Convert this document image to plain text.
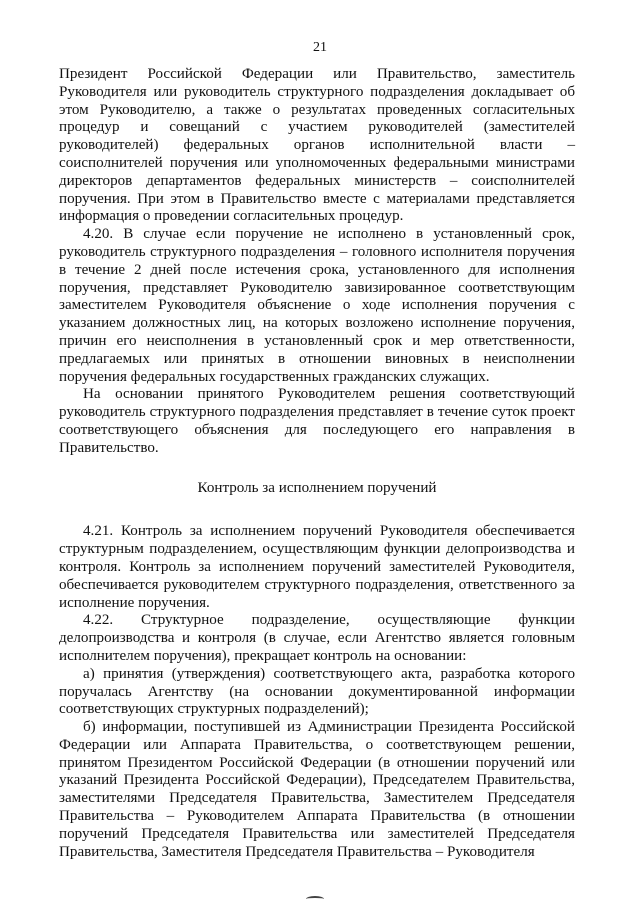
21

Президент Российской Федерации или Правительство, заместитель Руководителя или руководитель структурного подразделения докладывает об этом Руководителю, а также о результатах проведенных согласительных процедур и совещаний с участием руководителей (заместителей руководителей) федеральных органов исполнительной власти – соисполнителей поручения или уполномоченных федеральными министрами директоров департаментов федеральных министерств – соисполнителей поручения. При этом в Правительство вместе с материалами представляется информация о проведении согласительных процедур.

4.20. В случае если поручение не исполнено в установленный срок, руководитель структурного подразделения – головного исполнителя поручения в течение 2 дней после истечения срока, установленного для исполнения поручения, представляет Руководителю завизированное соответствующим заместителем Руководителя объяснение о ходе исполнения поручения с указанием должностных лиц, на которых возложено исполнение поручения, причин его неисполнения в установленный срок и мер ответственности, предлагаемых или принятых в отношении виновных в неисполнении поручения федеральных государственных гражданских служащих.

На основании принятого Руководителем решения соответствующий руководитель структурного подразделения представляет в течение суток проект соответствующего объяснения для последующего его направления в Правительство.

Контроль за исполнением поручений

4.21. Контроль за исполнением поручений Руководителя обеспечивается структурным подразделением, осуществляющим функции делопроизводства и контроля. Контроль за исполнением поручений заместителей Руководителя, обеспечивается руководителем структурного подразделения, ответственного за исполнение поручения.

4.22. Структурное подразделение, осуществляющие функции делопроизводства и контроля (в случае, если Агентство является головным исполнителем поручения), прекращает контроль на основании:

а) принятия (утверждения) соответствующего акта, разработка которого поручалась Агентству (на основании документированной информации соответствующих структурных подразделений);

б) информации, поступившей из Администрации Президента Российской Федерации или Аппарата Правительства, о соответствующем решении, принятом Президентом Российской Федерации (в отношении поручений или указаний Президента Российской Федерации), Председателем Правительства, заместителями Председателя Правительства, Заместителем Председателя Правительства – Руководителем Аппарата Правительства (в отношении поручений Председателя Правительства или заместителей Председателя Правительства, Заместителя Председателя Правительства – Руководителя
